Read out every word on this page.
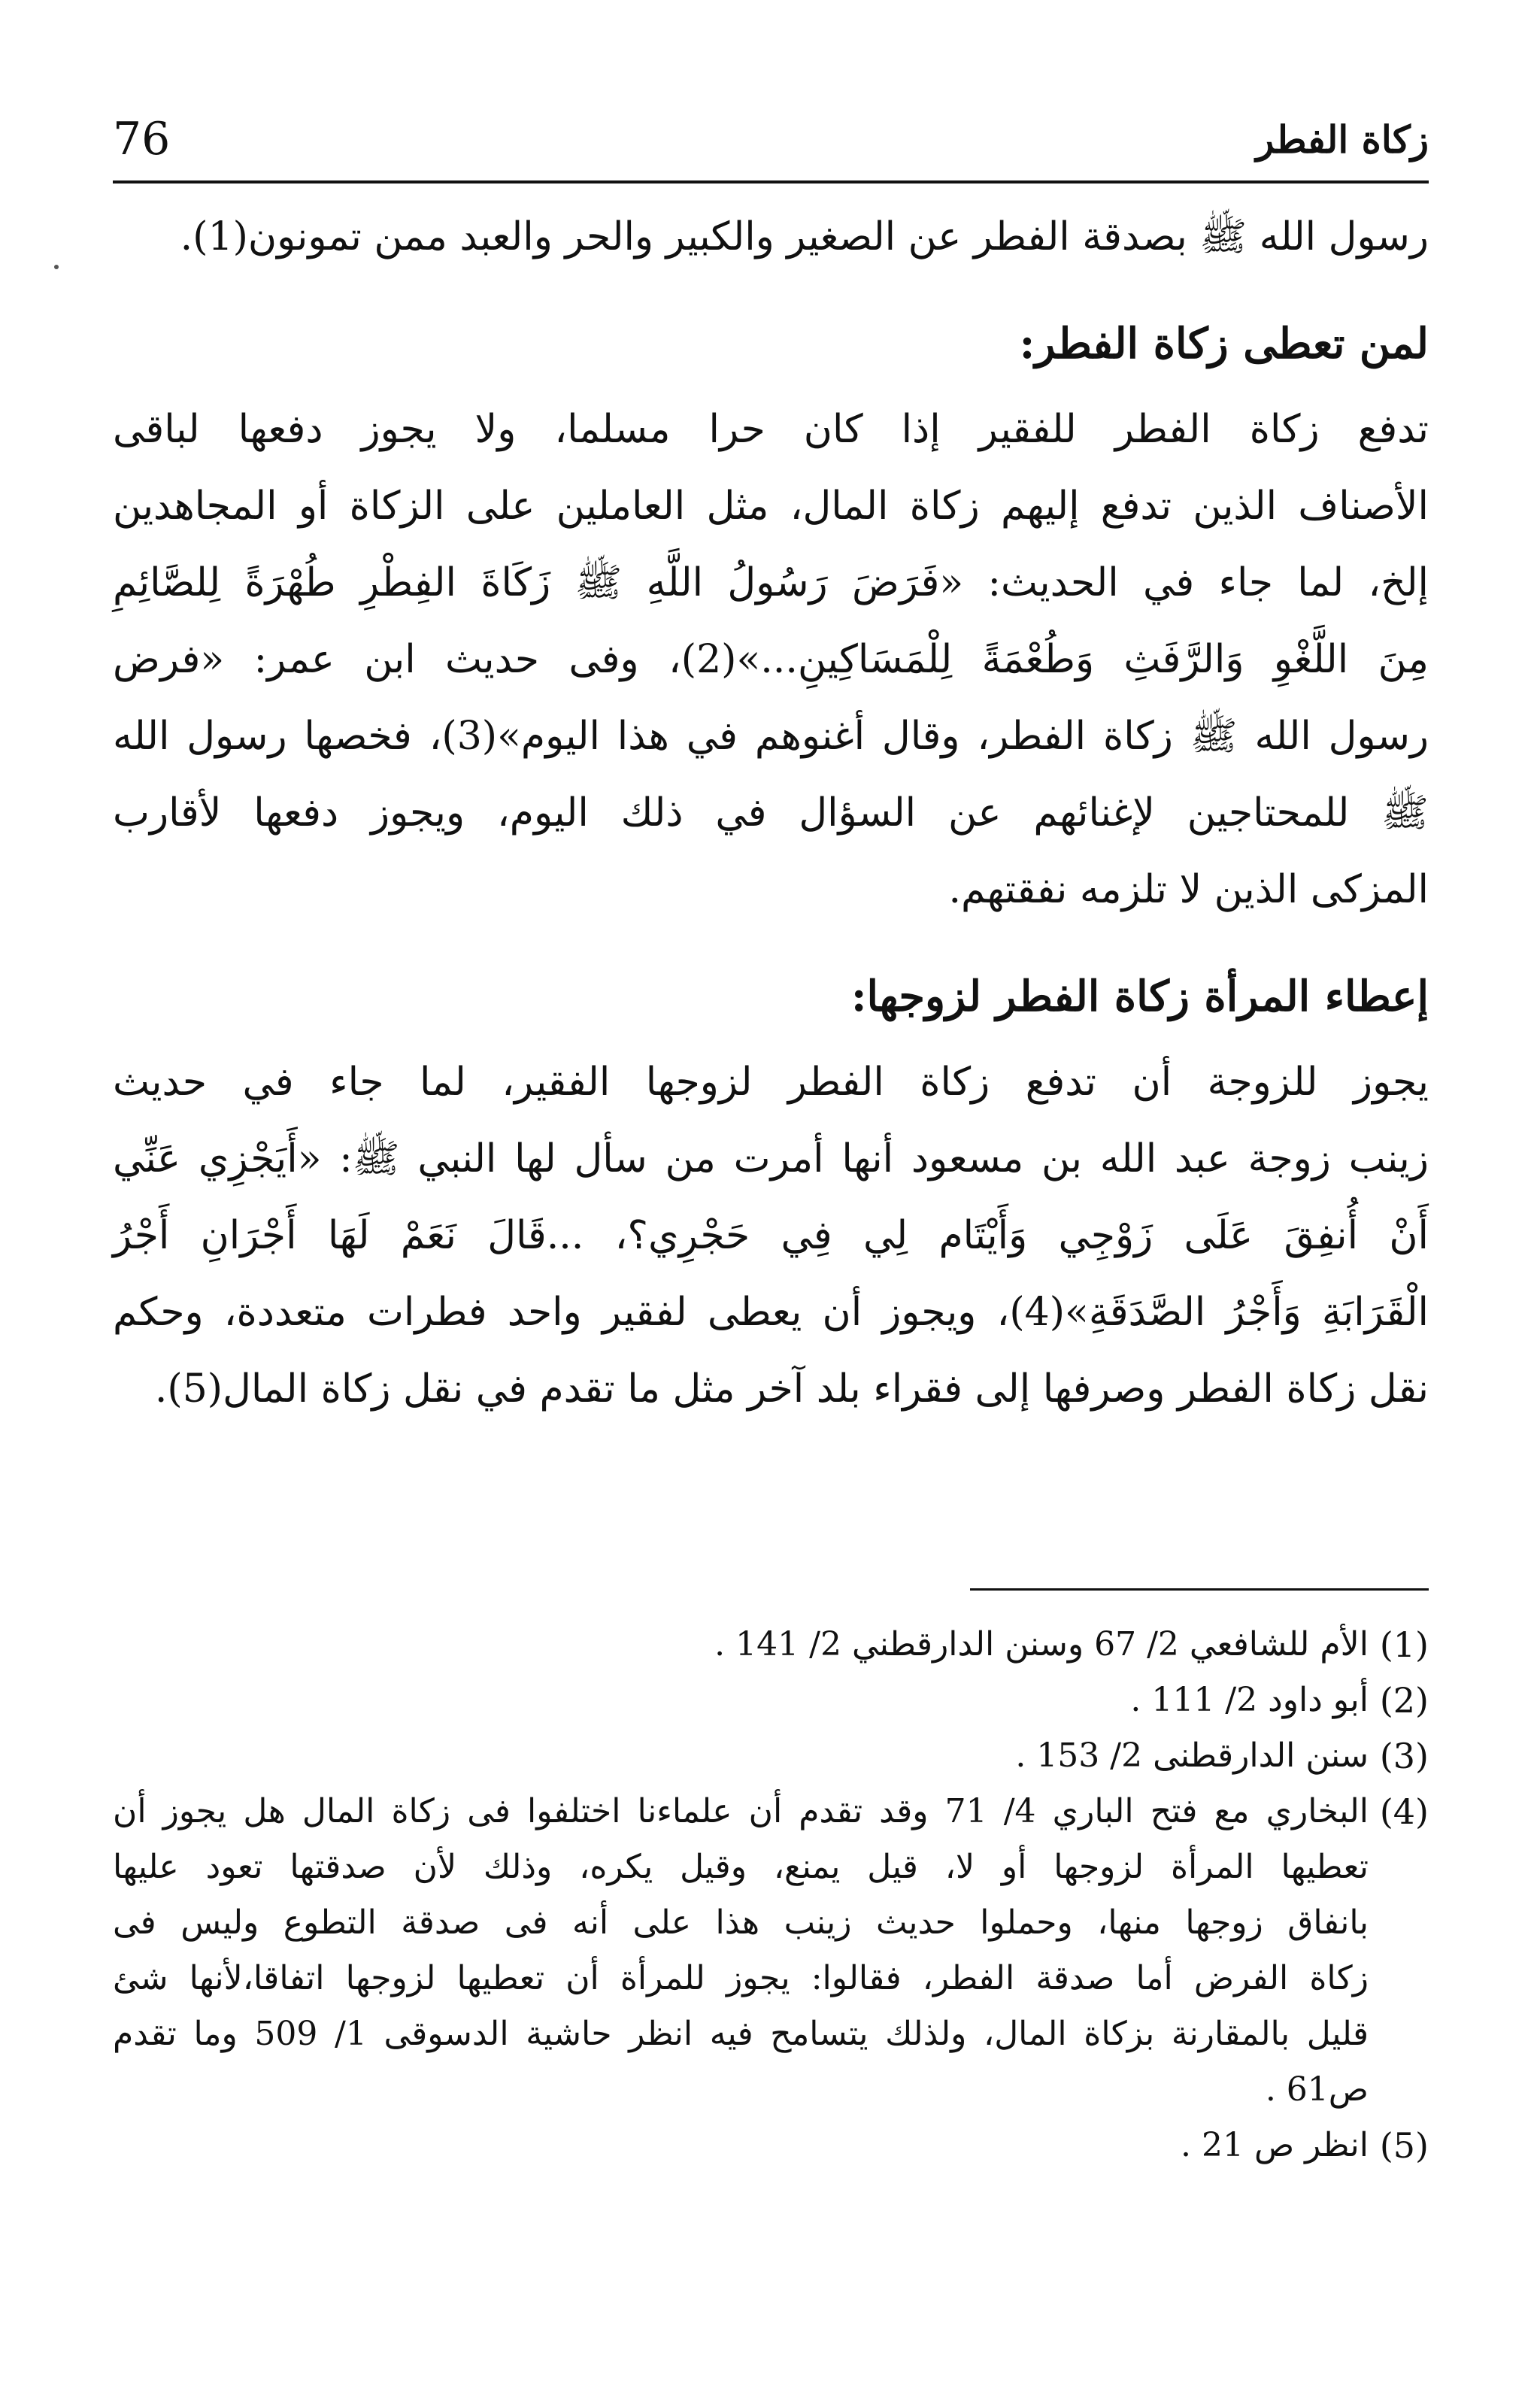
زكاة الفطر
76
رسول الله ﷺ بصدقة الفطر عن الصغير والكبير والحر والعبد ممن تمونون(1).
لمن تعطى زكاة الفطر:
تدفع زكاة الفطر للفقير إذا كان حرا مسلما، ولا يجوز دفعها لباقى
الأصناف الذين تدفع إليهم زكاة المال، مثل العاملين على الزكاة أو المجاهدين
إلخ، لما جاء في الحديث: «فَرَضَ رَسُولُ اللَّهِ ﷺ زَكَاةَ الفِطْرِ طُهْرَةً لِلصَّائِمِ
مِنَ اللَّغْوِ وَالرَّفَثِ وَطُعْمَةً لِلْمَسَاكِينِ...»(2)، وفى حديث ابن عمر: «فرض
رسول الله ﷺ زكاة الفطر، وقال أغنوهم في هذا اليوم»(3)، فخصها رسول الله
ﷺ للمحتاجين لإغنائهم عن السؤال في ذلك اليوم، ويجوز دفعها لأقارب
المزكى الذين لا تلزمه نفقتهم.
إعطاء المرأة زكاة الفطر لزوجها:
يجوز للزوجة أن تدفع زكاة الفطر لزوجها الفقير، لما جاء في حديث
زينب زوجة عبد الله بن مسعود أنها أمرت من سأل لها النبي ﷺ: «أَيَجْزِي عَنِّي
أَنْ أُنفِقَ عَلَى زَوْجِي وَأَيْتَام لِي فِي حَجْرِي؟، ...قَالَ نَعَمْ لَهَا أَجْرَانِ أَجْرُ
الْقَرَابَةِ وَأَجْرُ الصَّدَقَةِ»(4)، ويجوز أن يعطى لفقير واحد فطرات متعددة، وحكم
نقل زكاة الفطر وصرفها إلى فقراء بلد آخر مثل ما تقدم في نقل زكاة المال(5).
(1)
الأم للشافعي 2/ 67 وسنن الدارقطني 2/ 141 .
(2)
أبو داود 2/ 111 .
(3)
سنن الدارقطنى 2/ 153 .
(4)
البخاري مع فتح الباري 4/ 71 وقد تقدم أن علماءنا اختلفوا فى زكاة المال هل يجوز أن
تعطيها المرأة لزوجها أو لا، قيل يمنع، وقيل يكره، وذلك لأن صدقتها تعود عليها
بانفاق زوجها منها، وحملوا حديث زينب هذا على أنه فى صدقة التطوع وليس فى
زكاة الفرض أما صدقة الفطر، فقالوا: يجوز للمرأة أن تعطيها لزوجها اتفاقا،لأنها شئ
قليل بالمقارنة بزكاة المال، ولذلك يتسامح فيه انظر حاشية الدسوقى 1/ 509 وما تقدم
ص61 .
(5)
انظر ص 21 .
